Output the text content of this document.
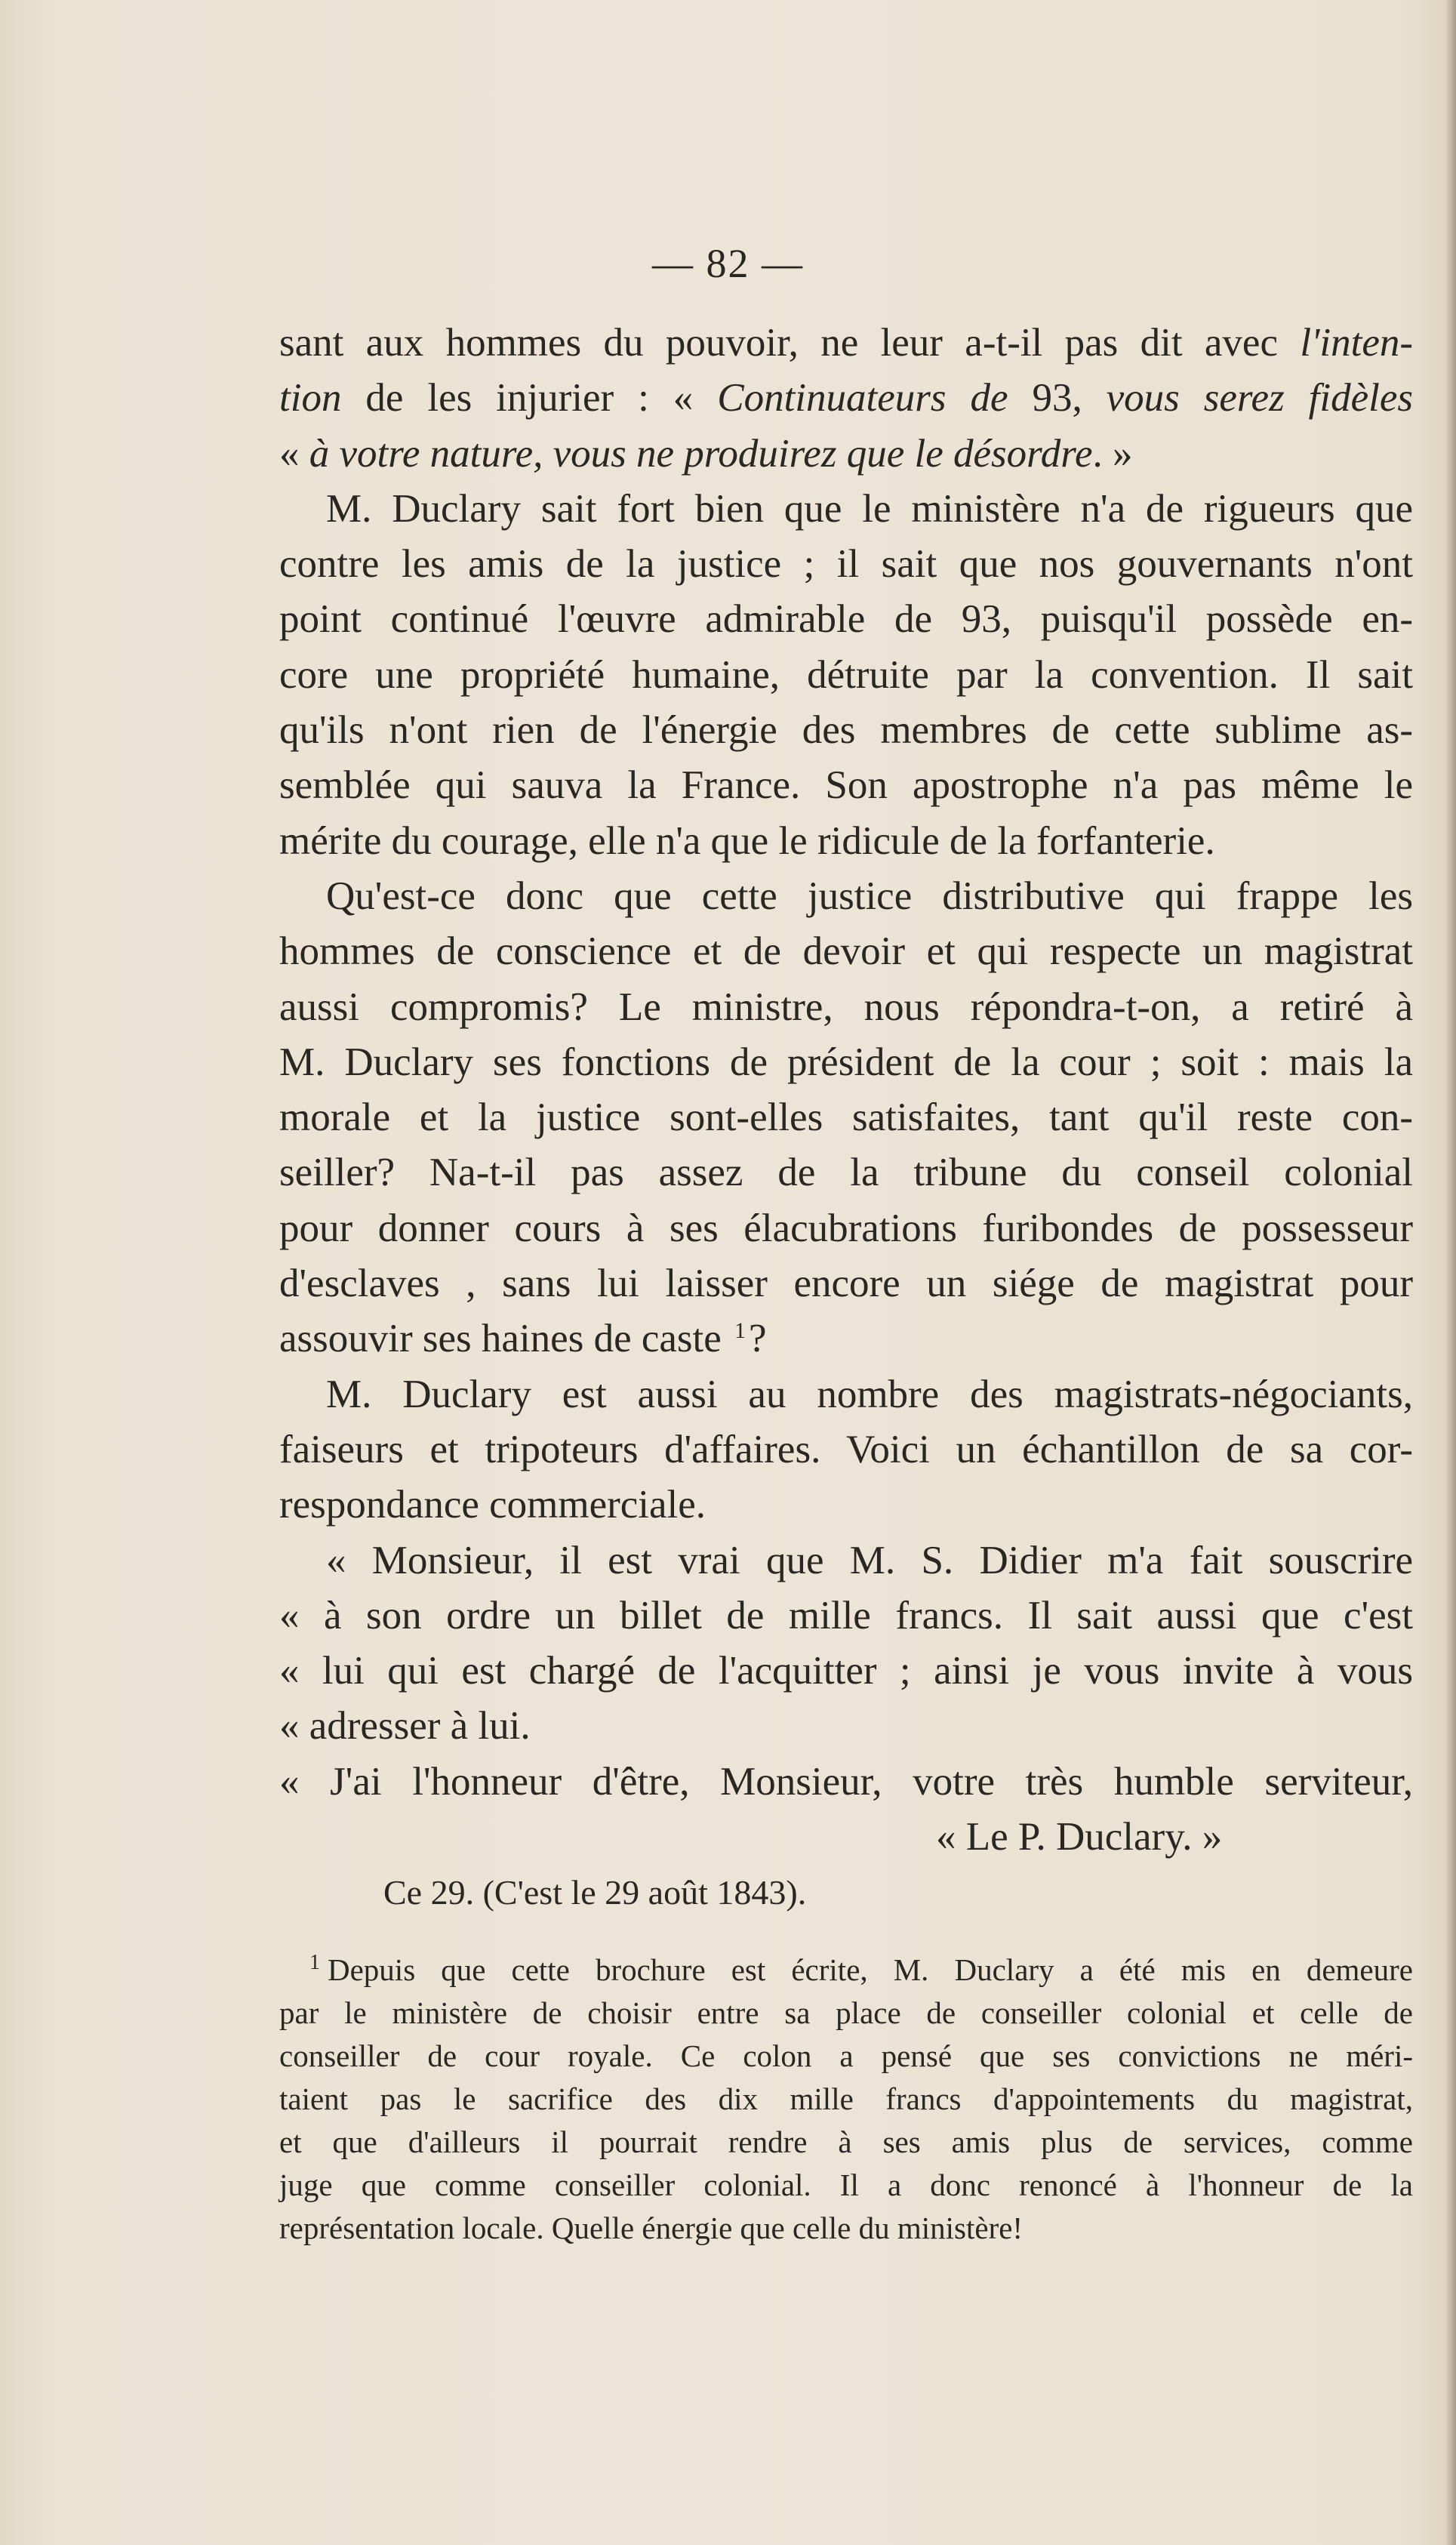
— 82 —
sant aux hommes du pouvoir, ne leur a-t-il pas dit avec l'inten-
tion de les injurier : « Continuateurs de 93, vous serez fidèles
« à votre nature, vous ne produirez que le désordre. »
M. Duclary sait fort bien que le ministère n'a de rigueurs que
contre les amis de la justice ; il sait que nos gouvernants n'ont
point continué l'œuvre admirable de 93, puisqu'il possède en-
core une propriété humaine, détruite par la convention. Il sait
qu'ils n'ont rien de l'énergie des membres de cette sublime as-
semblée qui sauva la France. Son apostrophe n'a pas même le
mérite du courage, elle n'a que le ridicule de la forfanterie.
Qu'est-ce donc que cette justice distributive qui frappe les
hommes de conscience et de devoir et qui respecte un magistrat
aussi compromis? Le ministre, nous répondra-t-on, a retiré à
M. Duclary ses fonctions de président de la cour ; soit : mais la
morale et la justice sont-elles satisfaites, tant qu'il reste con-
seiller? Na-t-il pas assez de la tribune du conseil colonial
pour donner cours à ses élacubrations furibondes de possesseur
d'esclaves , sans lui laisser encore un siége de magistrat pour
assouvir ses haines de caste 1?
M. Duclary est aussi au nombre des magistrats-négociants,
faiseurs et tripoteurs d'affaires. Voici un échantillon de sa cor-
respondance commerciale.
« Monsieur, il est vrai que M. S. Didier m'a fait souscrire
« à son ordre un billet de mille francs. Il sait aussi que c'est
« lui qui est chargé de l'acquitter ; ainsi je vous invite à vous
« adresser à lui.
« J'ai l'honneur d'être, Monsieur, votre très humble serviteur,
« Le P. Duclary. »
Ce 29. (C'est le 29 août 1843).
1 Depuis que cette brochure est écrite, M. Duclary a été mis en demeure
par le ministère de choisir entre sa place de conseiller colonial et celle de
conseiller de cour royale. Ce colon a pensé que ses convictions ne méri-
taient pas le sacrifice des dix mille francs d'appointements du magistrat,
et que d'ailleurs il pourrait rendre à ses amis plus de services, comme
juge que comme conseiller colonial. Il a donc renoncé à l'honneur de la
représentation locale. Quelle énergie que celle du ministère!
